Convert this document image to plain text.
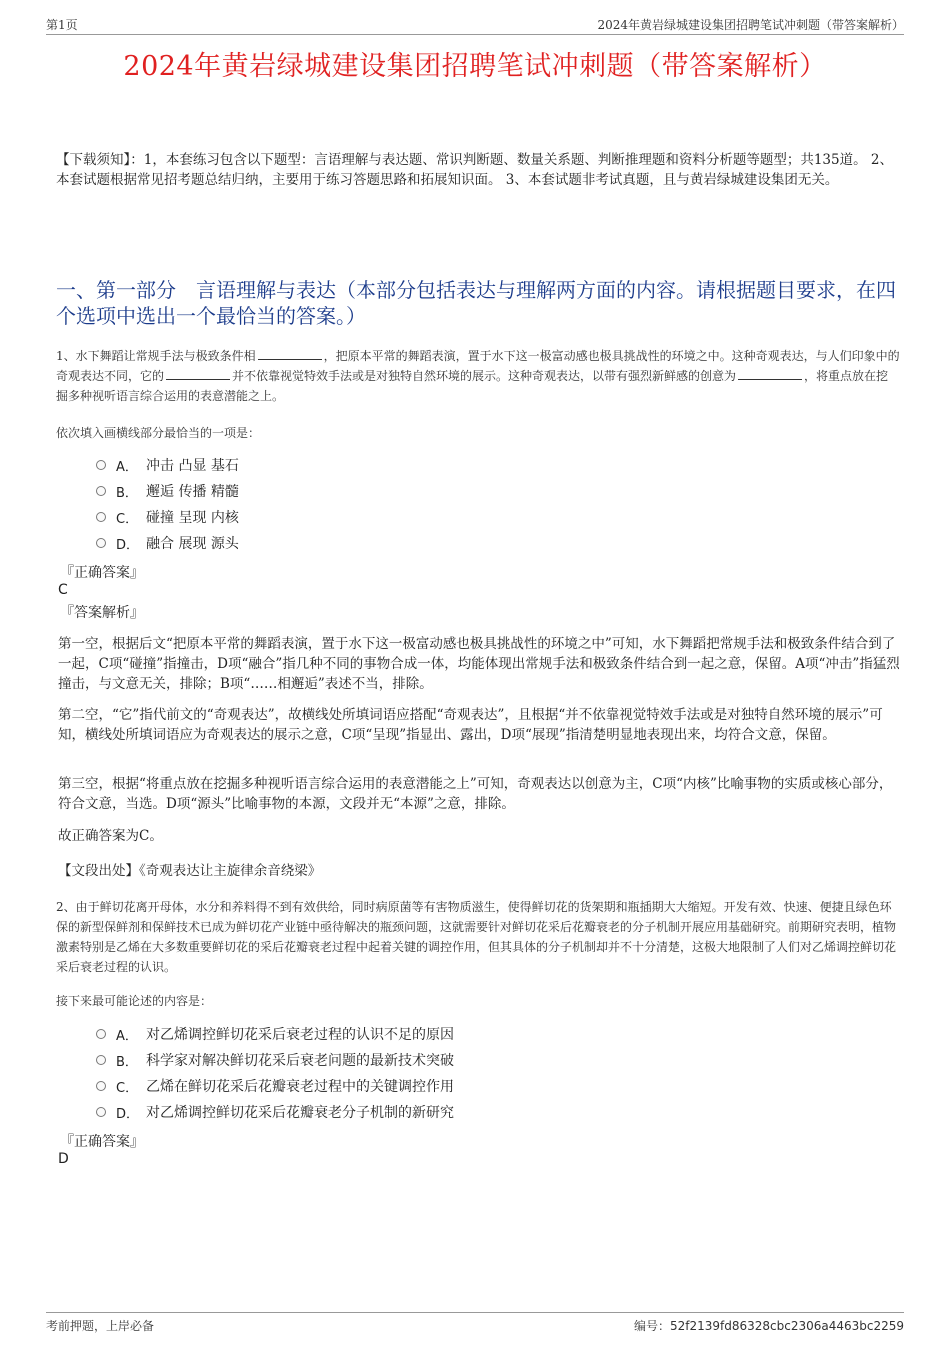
第1页	2024年黄岩绿城建设集团招聘笔试冲刺题（带答案解析）
2024年黄岩绿城建设集团招聘笔试冲刺题（带答案解析）
【下载须知】：1，本套练习包含以下题型：言语理解与表达题、常识判断题、数量关系题、判断推理题和资料分析题等题型；共135道。 2、本套试题根据常见招考题总结归纳，主要用于练习答题思路和拓展知识面。 3、本套试题非考试真题，且与黄岩绿城建设集团无关。
一、第一部分　言语理解与表达（本部分包括表达与理解两方面的内容。请根据题目要求，在四个选项中选出一个最恰当的答案。）
1、水下舞蹈让常规手法与极致条件相	，把原本平常的舞蹈表演，置于水下这一极富动感也极具挑战性的环境之中。这种奇观表达，与人们印象中的奇观表达不同，它的	并不依靠视觉特效手法或是对独特自然环境的展示。这种奇观表达，以带有强烈新鲜感的创意为	，将重点放在挖掘多种视听语言综合运用的表意潜能之上。
依次填入画横线部分最恰当的一项是：
A． 冲击 凸显 基石
B． 邂逅 传播 精髓
C． 碰撞 呈现 内核
D． 融合 展现 源头
『正确答案』
C
『答案解析』
第一空，根据后文“把原本平常的舞蹈表演，置于水下这一极富动感也极具挑战性的环境之中”可知，水下舞蹈把常规手法和极致条件结合到了一起，C项“碰撞”指撞击，D项“融合”指几种不同的事物合成一体，均能体现出常规手法和极致条件结合到一起之意，保留。A项“冲击”指猛烈撞击，与文意无关，排除；B项“……相邂逅”表述不当，排除。
第二空，“它”指代前文的“奇观表达”，故横线处所填词语应搭配“奇观表达”，且根据“并不依靠视觉特效手法或是对独特自然环境的展示”可知，横线处所填词语应为奇观表达的展示之意，C项“呈现”指显出、露出，D项“展现”指清楚明显地表现出来，均符合文意，保留。
第三空，根据“将重点放在挖掘多种视听语言综合运用的表意潜能之上”可知，奇观表达以创意为主，C项“内核”比喻事物的实质或核心部分，符合文意，当选。D项“源头”比喻事物的本源，文段并无“本源”之意，排除。
故正确答案为C。
【文段出处】《奇观表达让主旋律余音绕梁》
2、由于鲜切花离开母体，水分和养料得不到有效供给，同时病原菌等有害物质滋生，使得鲜切花的货架期和瓶插期大大缩短。开发有效、快速、便捷且绿色环保的新型保鲜剂和保鲜技术已成为鲜切花产业链中亟待解决的瓶颈问题，这就需要针对鲜切花采后花瓣衰老的分子机制开展应用基础研究。前期研究表明，植物激素特别是乙烯在大多数重要鲜切花的采后花瓣衰老过程中起着关键的调控作用，但其具体的分子机制却并不十分清楚，这极大地限制了人们对乙烯调控鲜切花采后衰老过程的认识。
接下来最可能论述的内容是：
A． 对乙烯调控鲜切花采后衰老过程的认识不足的原因
B． 科学家对解决鲜切花采后衰老问题的最新技术突破
C． 乙烯在鲜切花采后花瓣衰老过程中的关键调控作用
D． 对乙烯调控鲜切花采后花瓣衰老分子机制的新研究
『正确答案』
D
考前押题，上岸必备	编号：52f2139fd86328cbc2306a4463bc2259
